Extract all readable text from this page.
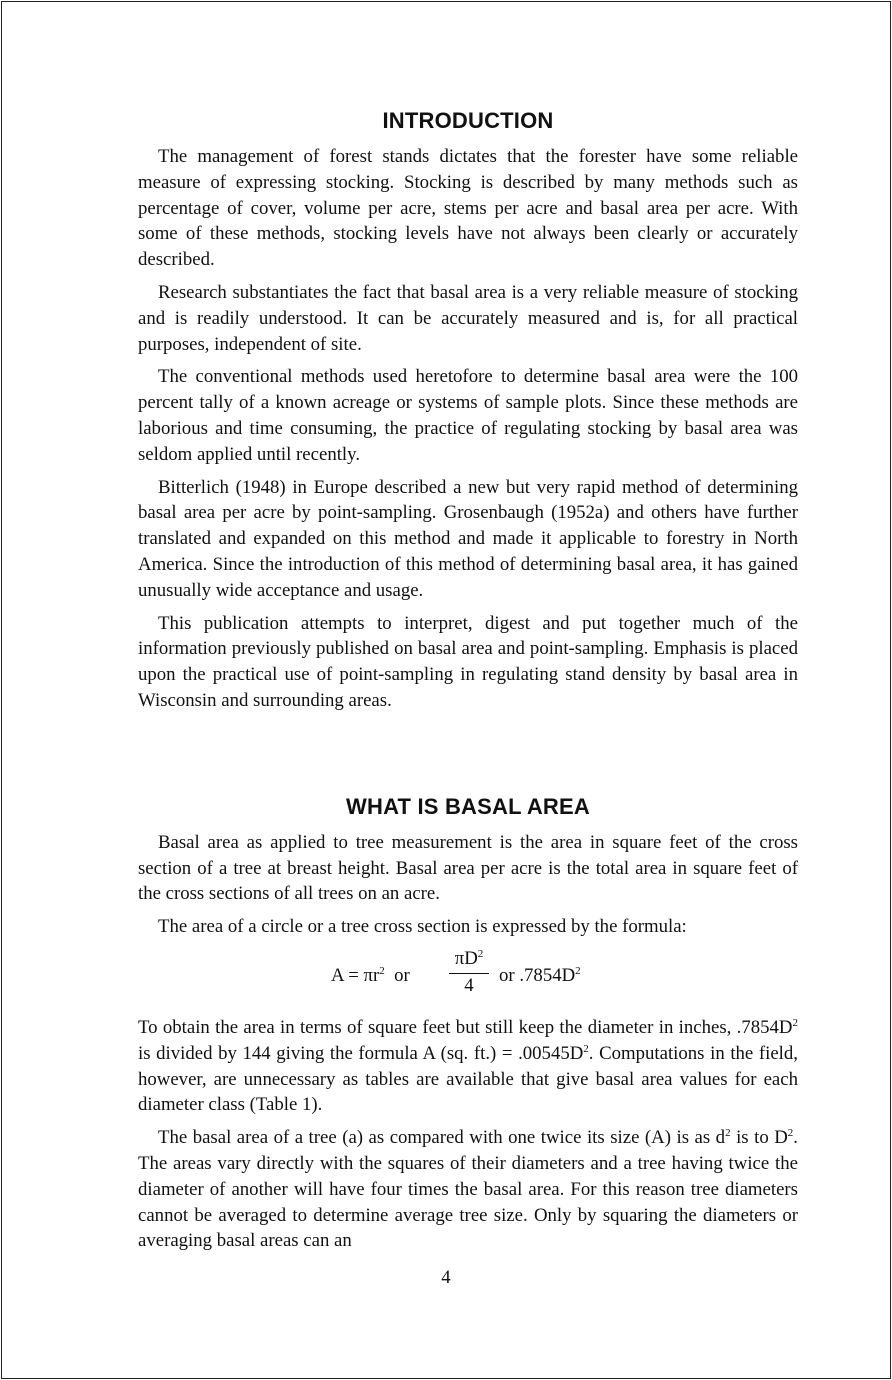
INTRODUCTION

The management of forest stands dictates that the forester have some reliable measure of expressing stocking. Stocking is described by many methods such as percentage of cover, volume per acre, stems per acre and basal area per acre. With some of these methods, stocking levels have not always been clearly or accurately described.

Research substantiates the fact that basal area is a very reliable measure of stocking and is readily understood. It can be accurately measured and is, for all practical purposes, independent of site.

The conventional methods used heretofore to determine basal area were the 100 percent tally of a known acreage or systems of sample plots. Since these methods are laborious and time consuming, the practice of regulating stocking by basal area was seldom applied until recently.

Bitterlich (1948) in Europe described a new but very rapid method of determining basal area per acre by point-sampling. Grosenbaugh (1952a) and others have further translated and expanded on this method and made it applicable to forestry in North America. Since the introduction of this method of determining basal area, it has gained unusually wide acceptance and usage.

This publication attempts to interpret, digest and put together much of the information previously published on basal area and point-sampling. Emphasis is placed upon the practical use of point-sampling in regulating stand density by basal area in Wisconsin and surrounding areas.

WHAT IS BASAL AREA

Basal area as applied to tree measurement is the area in square feet of the cross section of a tree at breast height. Basal area per acre is the total area in square feet of the cross sections of all trees on an acre.

The area of a circle or a tree cross section is expressed by the formula:

$A = \pi r^2$ or $\frac{\pi D^2}{4}$ or $.7854D^2$

To obtain the area in terms of square feet but still keep the diameter in inches, $.7854D^2$ is divided by 144 giving the formula A (sq. $ft.) = .00545D^2$. Computations in the field, however, are unnecessary as tables are available that give basal area values for each diameter class (Table 1).

The basal area of a tree (a) as compared with one twice its size (A) is as $d^2$ is to $D^2$. The areas vary directly with the squares of their diameters and a tree having twice the diameter of another will have four times the basal area. For this reason tree diameters cannot be averaged to determine average tree size. Only by squaring the diameters or averaging basal areas can an

4
